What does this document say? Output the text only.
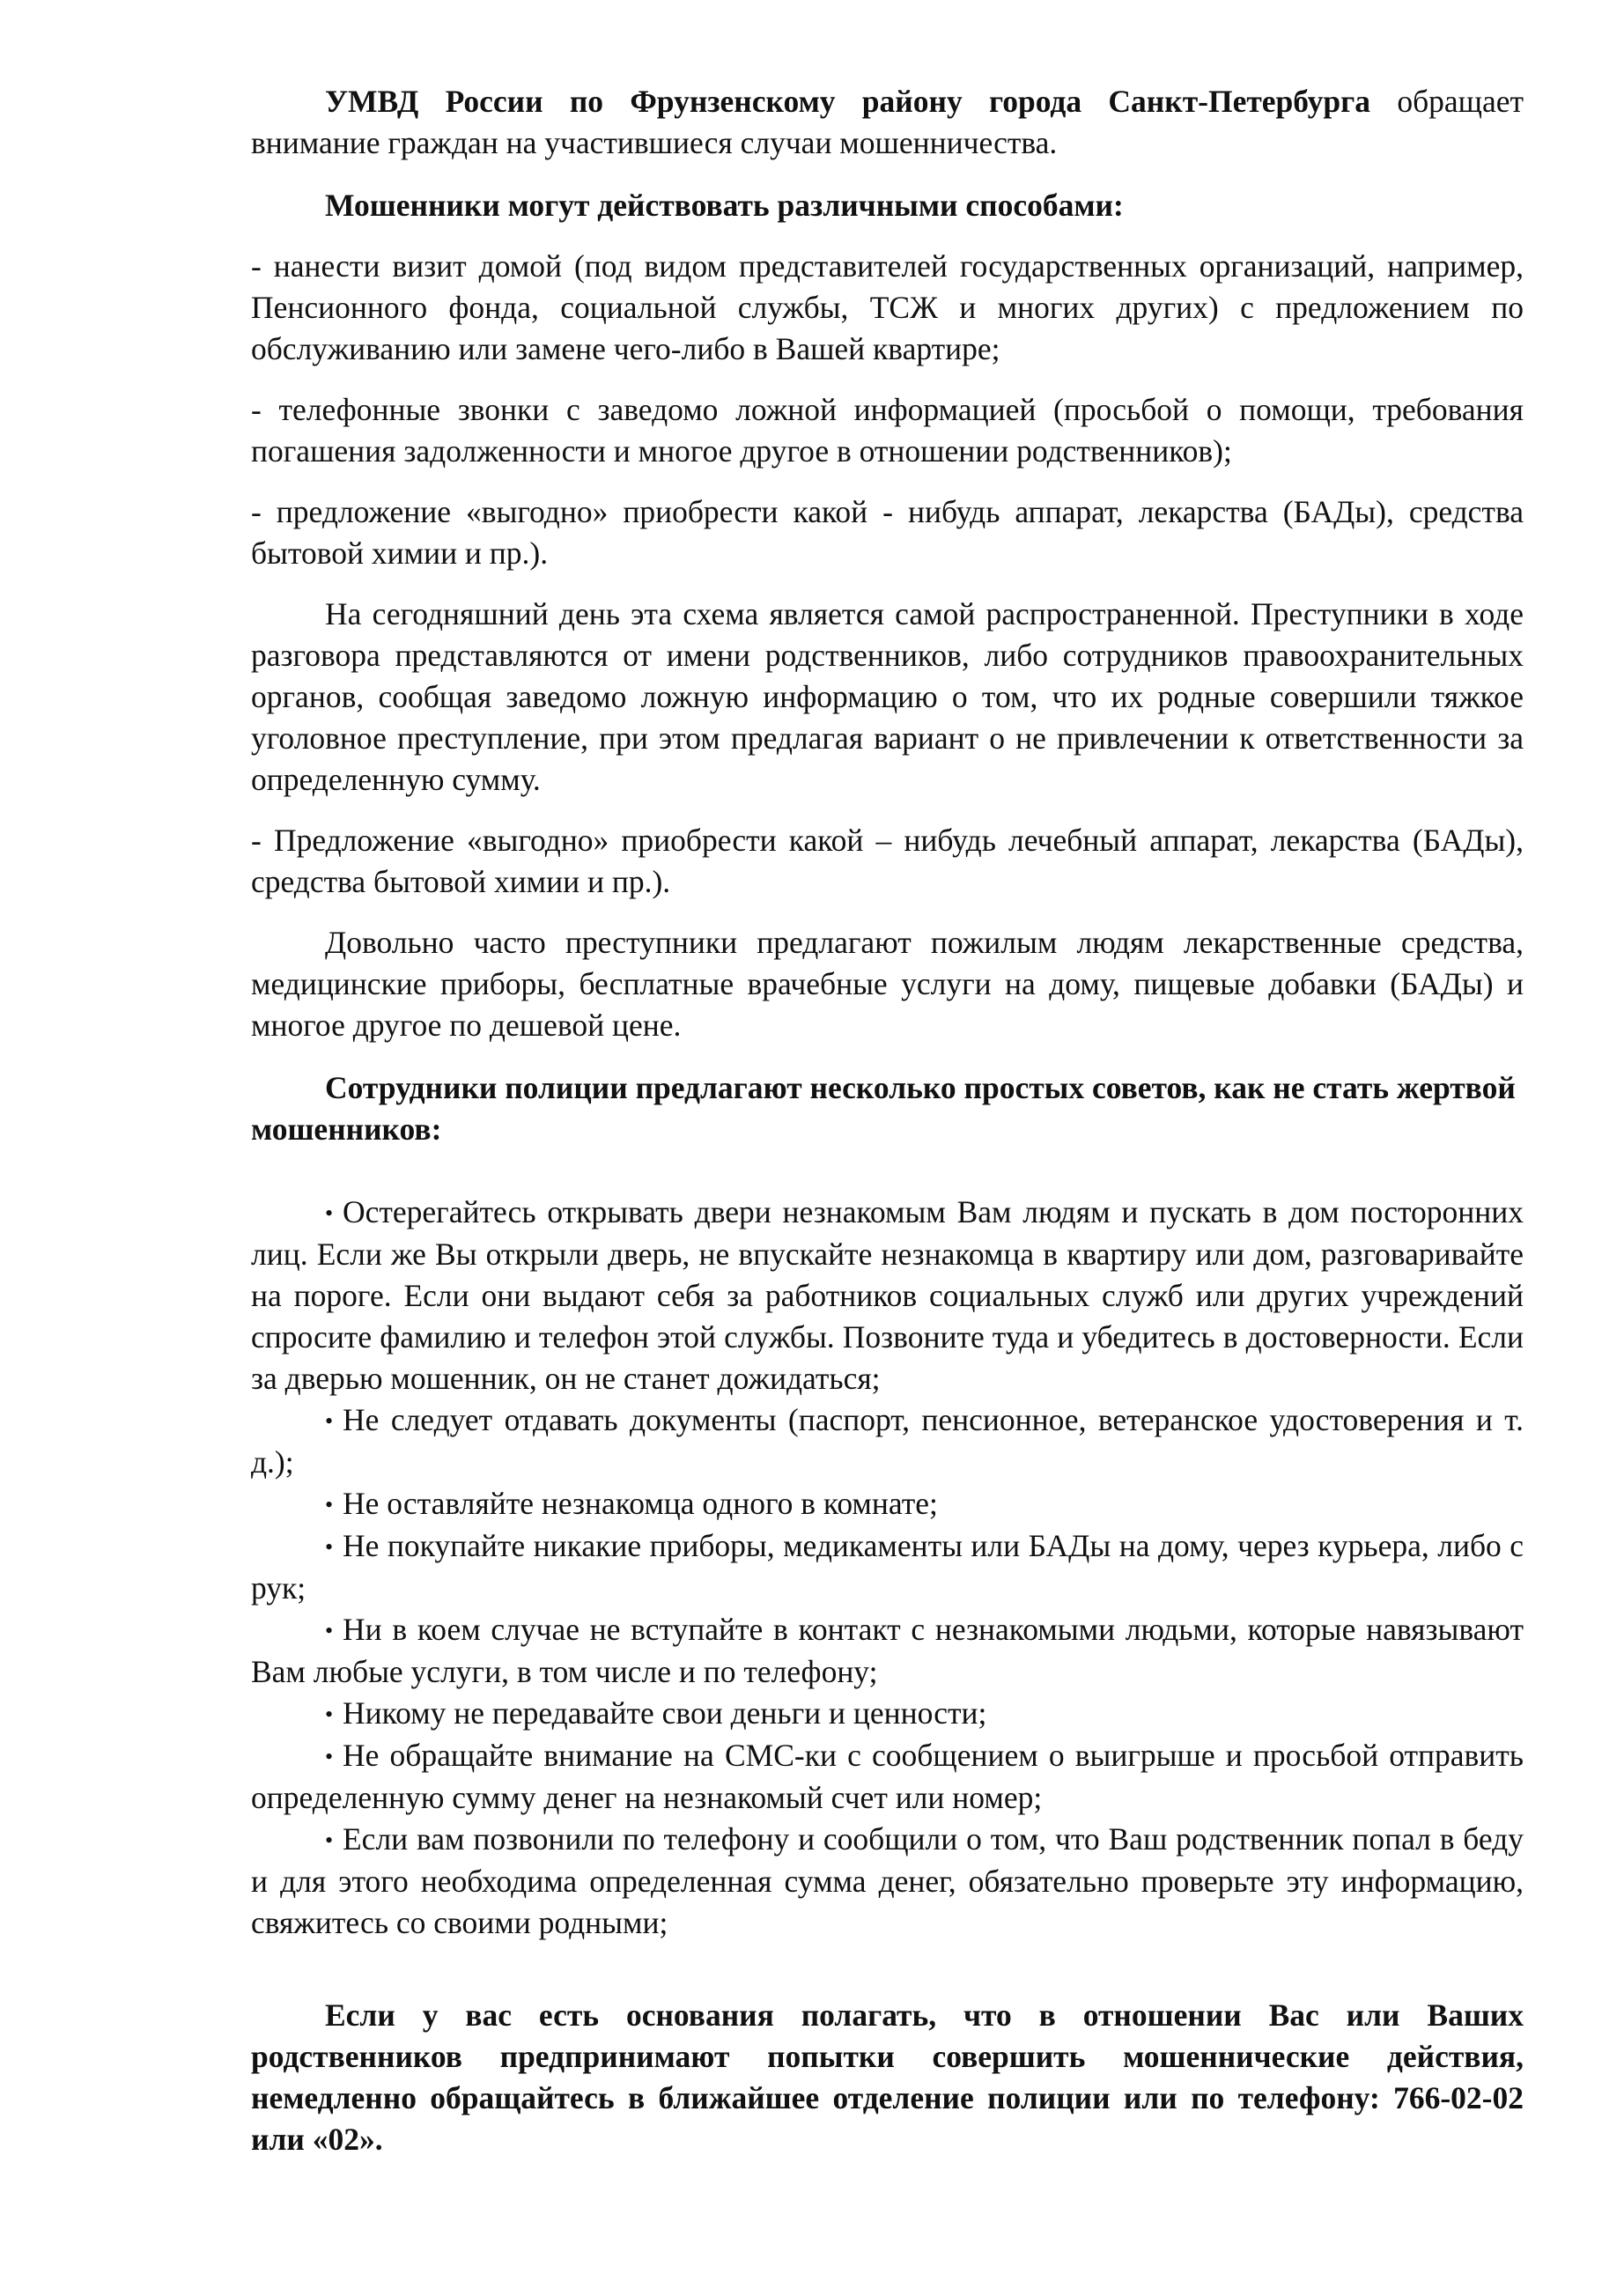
УМВД России по Фрунзенскому району города Санкт-Петербурга обращает внимание граждан на участившиеся случаи мошенничества.

Мошенники могут действовать различными способами:

- нанести визит домой (под видом представителей государственных организаций, например, Пенсионного фонда, социальной службы, ТСЖ и многих других) с предложением по обслуживанию или замене чего-либо в Вашей квартире;

- телефонные звонки с заведомо ложной информацией (просьбой о помощи, требования погашения задолженности и многое другое в отношении родственников);

- предложение «выгодно» приобрести какой - нибудь аппарат, лекарства (БАДы), средства бытовой химии и пр.).

На сегодняшний день эта схема является самой распространенной. Преступники в ходе разговора представляются от имени родственников, либо сотрудников правоохранительных органов, сообщая заведомо ложную информацию о том, что их родные совершили тяжкое уголовное преступление, при этом предлагая вариант о не привлечении к ответственности за определенную сумму.

- Предложение «выгодно» приобрести какой – нибудь лечебный аппарат, лекарства (БАДы), средства бытовой химии и пр.).

Довольно часто преступники предлагают пожилым людям лекарственные средства, медицинские приборы, бесплатные врачебные услуги на дому, пищевые добавки (БАДы) и многое другое по дешевой цене.

Сотрудники полиции предлагают несколько простых советов, как не стать жертвой мошенников:

• Остерегайтесь открывать двери незнакомым Вам людям и пускать в дом посторонних лиц. Если же Вы открыли дверь, не впускайте незнакомца в квартиру или дом, разговаривайте на пороге. Если они выдают себя за работников социальных служб или других учреждений спросите фамилию и телефон этой службы. Позвоните туда и убедитесь в достоверности. Если за дверью мошенник, он не станет дожидаться;
• Не следует отдавать документы (паспорт, пенсионное, ветеранское удостоверения и т. д.);
• Не оставляйте незнакомца одного в комнате;
• Не покупайте никакие приборы, медикаменты или БАДы на дому, через курьера, либо с рук;
• Ни в коем случае не вступайте в контакт с незнакомыми людьми, которые навязывают Вам любые услуги, в том числе и по телефону;
• Никому не передавайте свои деньги и ценности;
• Не обращайте внимание на СМС-ки с сообщением о выигрыше и просьбой отправить определенную сумму денег на незнакомый счет или номер;
• Если вам позвонили по телефону и сообщили о том, что Ваш родственник попал в беду и для этого необходима определенная сумма денег, обязательно проверьте эту информацию, свяжитесь со своими родными;

Если у вас есть основания полагать, что в отношении Вас или Ваших родственников предпринимают попытки совершить мошеннические действия, немедленно обращайтесь в ближайшее отделение полиции или по телефону: 766-02-02 или «02».
